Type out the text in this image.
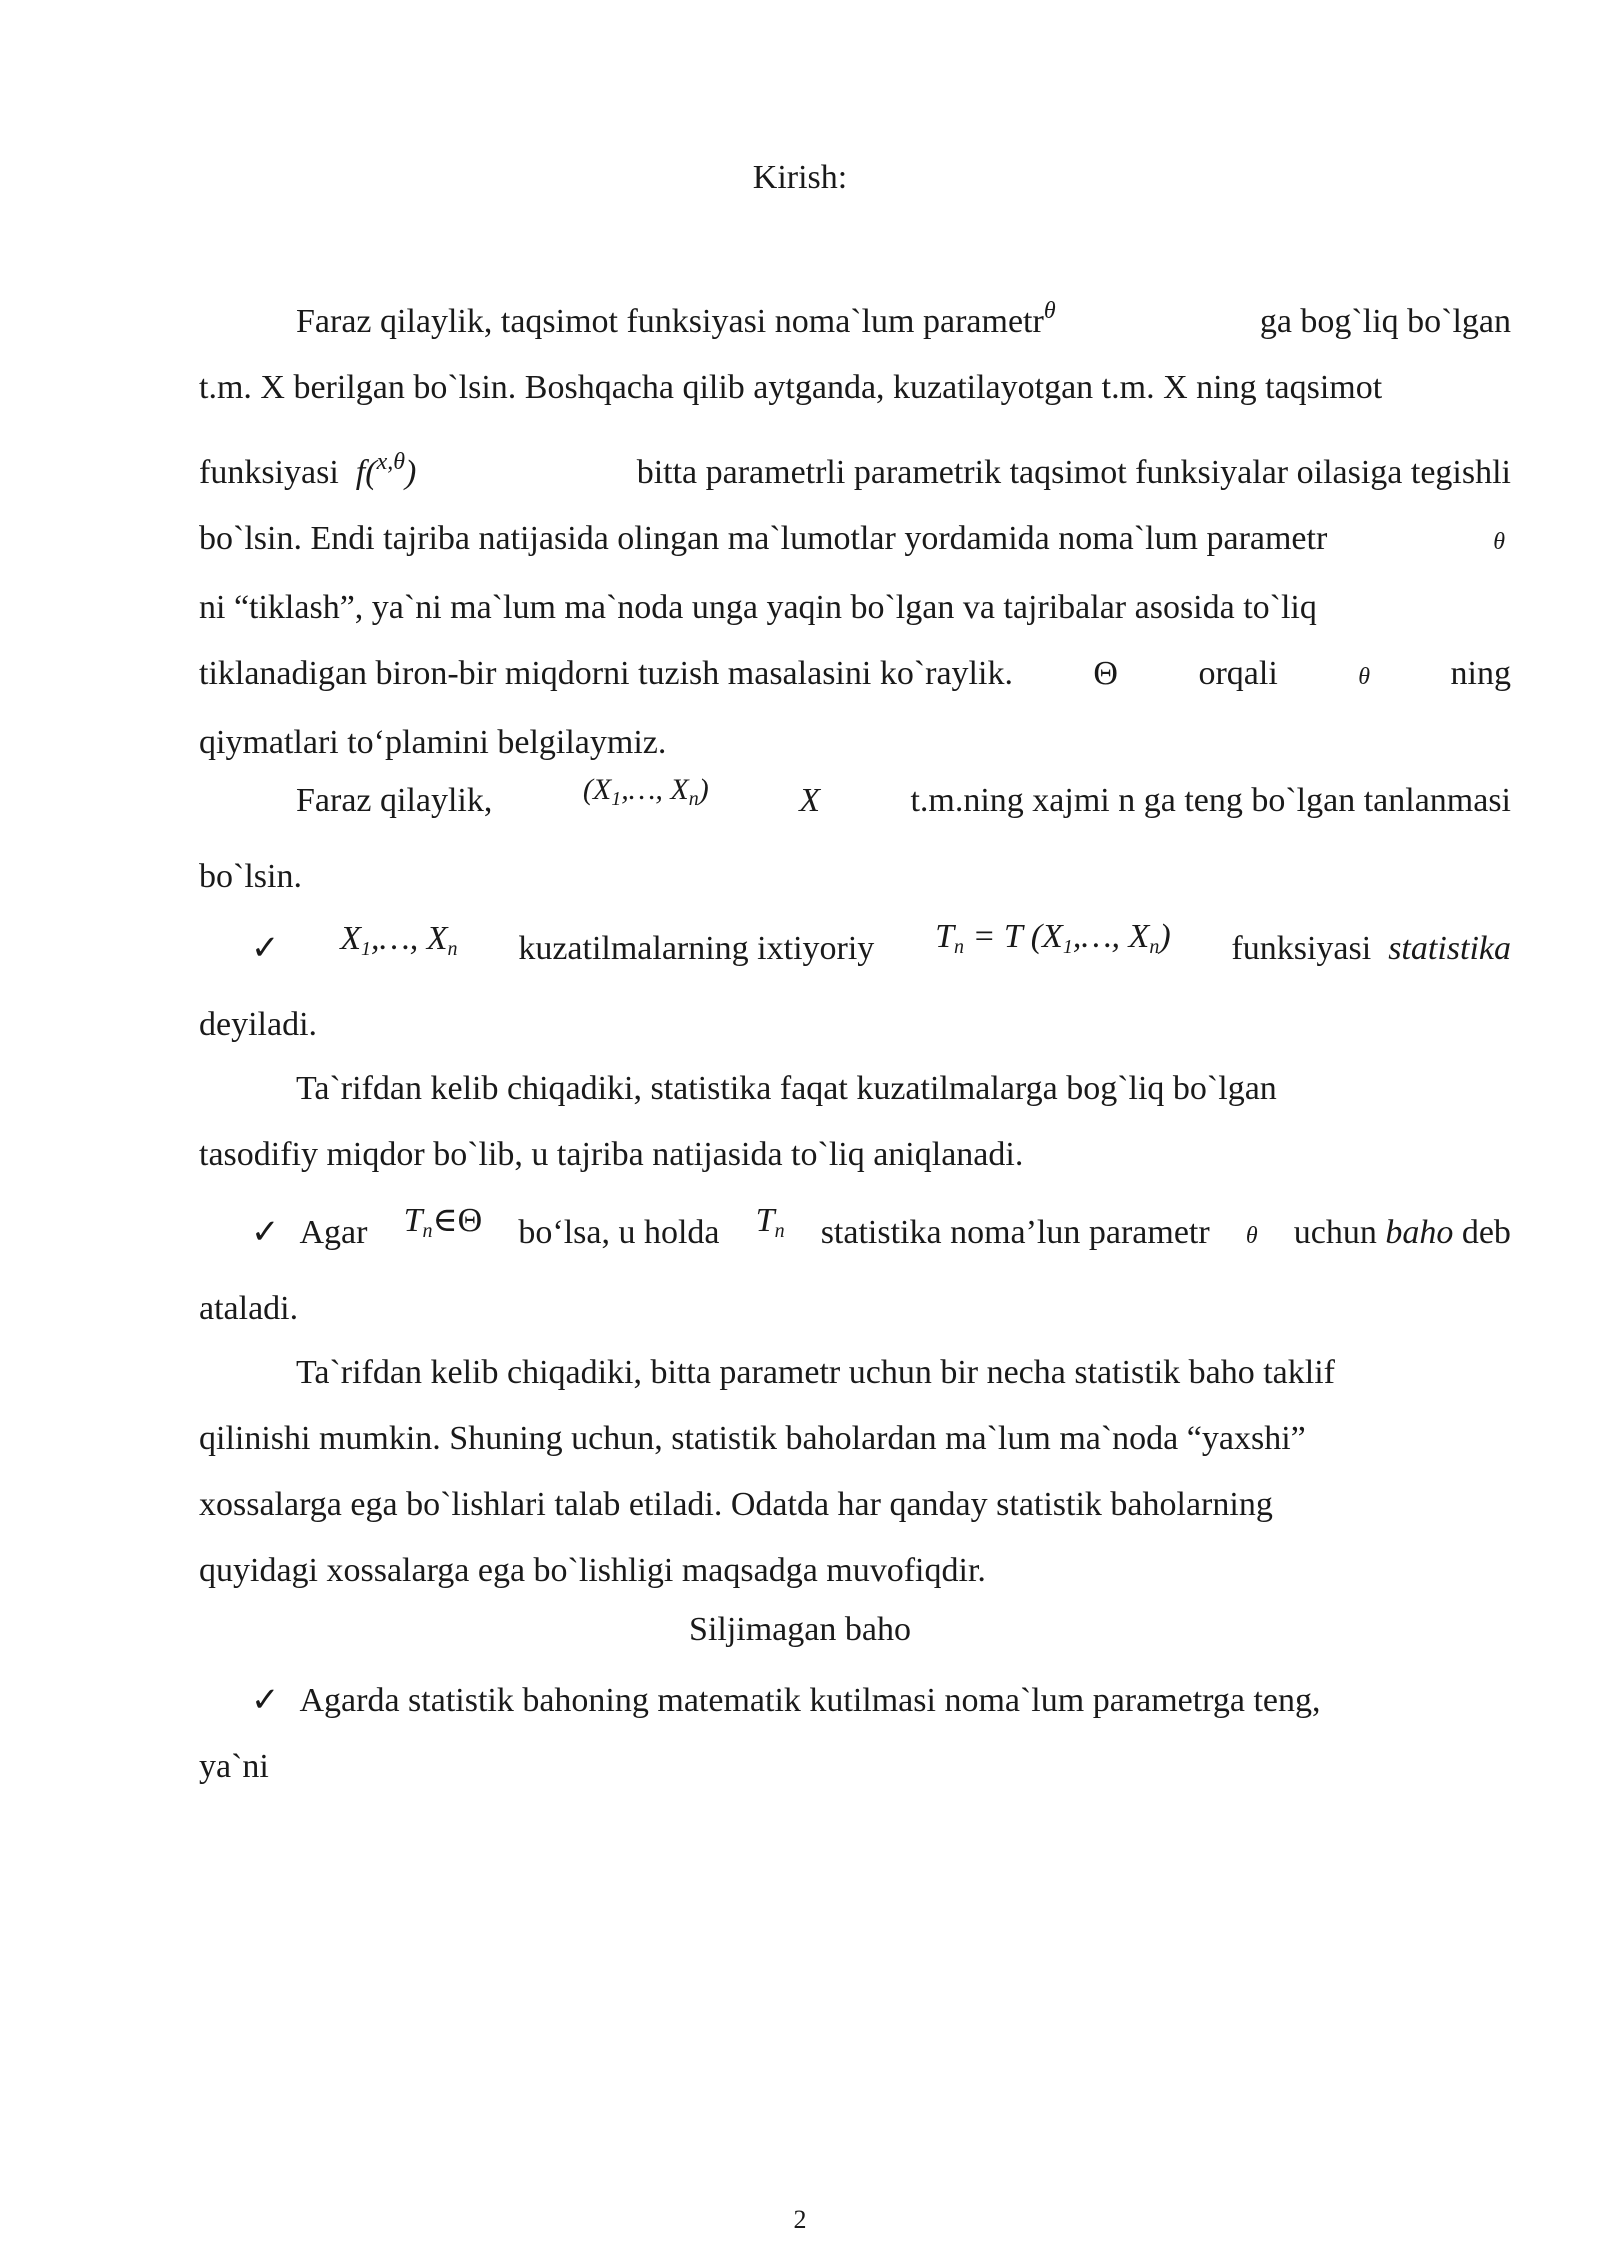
Kirish:
Faraz qilaylik, taqsimot funksiyasi noma`lum parametr$^\theta$	ga bog`liq bo`lgan
t.m. X berilgan bo`lsin. Boshqacha qilib aytganda, kuzatilayotgan t.m. X ning taqsimot
funksiyasi f($^{x,\theta}$)	bitta parametrli parametrik taqsimot funksiyalar oilasiga tegishli
bo`lsin. Endi tajriba natijasida olingan ma`lumotlar yordamida noma`lum parametr	θ
ni “tiklash”, ya`ni ma`lum ma`noda unga yaqin bo`lgan va tajribalar asosida to`liq
tiklanadigan biron-bir miqdorni tuzish masalasini ko`raylik. Θ orqali	θ ning
qiymatlari to‘plamini belgilaymiz.
Faraz qilaylik,	($X_1,\dots$, $X_n$)	X	t.m.ning xajmi n ga teng bo`lgan tanlanmasi
bo`lsin.
✓ $X_1,\dots$, Xn kuzatilmalarning ixtiyoriy Tn = T ($X_1,\dots$, Xn) funksiyasi statistika
deyiladi.
Ta`rifdan kelib chiqadiki, statistika faqat kuzatilmalarga bog`liq bo`lgan
tasodifiy miqdor bo`lib, u tajriba natijasida to`liq aniqlanadi.
✓ Agar Tn∈Θ bo‘lsa, u holda Tn statistika noma’lun parametr θ uchun baho deb
ataladi.
Ta`rifdan kelib chiqadiki, bitta parametr uchun bir necha statistik baho taklif
qilinishi mumkin. Shuning uchun, statistik baholardan ma`lum ma`noda “yaxshi”
xossalarga ega bo`lishlari talab etiladi. Odatda har qanday statistik baholarning
quyidagi xossalarga ega bo`lishligi maqsadga muvofiqdir.
Siljimagan baho
✓ Agarda statistik bahoning matematik kutilmasi noma`lum parametrga teng,
ya`ni
2
